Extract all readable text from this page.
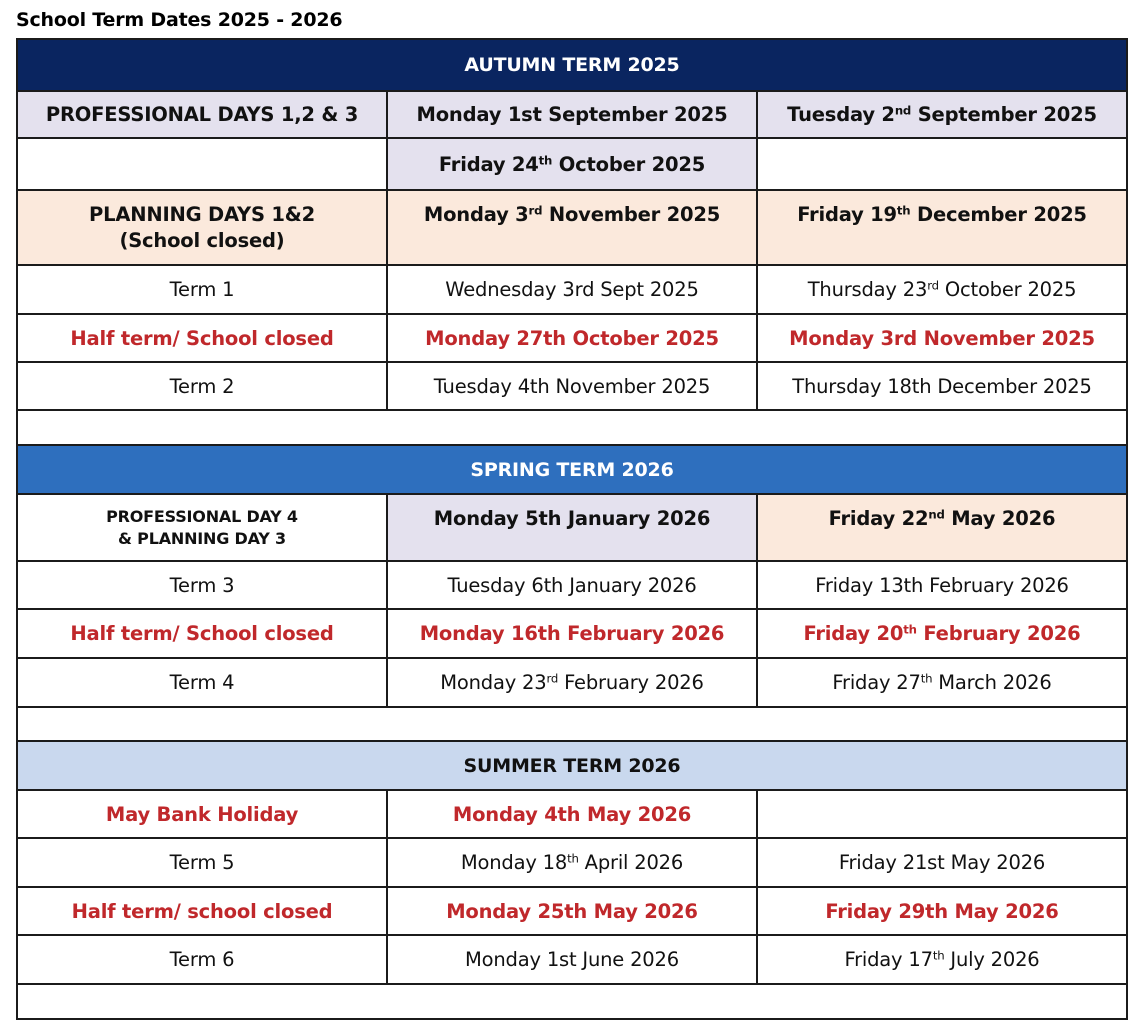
School Term Dates 2025 - 2026
AUTUMN TERM 2025		
PROFESSIONAL DAYS 1,2 & 3	Monday 1st September 2025	Tuesday 2nd September 2025
	Friday 24th October 2025	
PLANNING DAYS 1&2
(School closed)	Monday 3rd November 2025	Friday 19th December 2025
Term 1	Wednesday 3rd Sept 2025	Thursday 23rd October 2025
Half term/ School closed	Monday 27th October 2025	Monday 3rd November 2025
Term 2	Tuesday 4th November 2025	Thursday 18th December 2025

SPRING TERM 2026		
PROFESSIONAL DAY 4
& PLANNING DAY 3	Monday 5th January 2026	Friday 22nd May 2026
Term 3	Tuesday 6th January 2026	Friday 13th February 2026
Half term/ School closed	Monday 16th February 2026	Friday 20th February 2026
Term 4	Monday 23rd February 2026	Friday 27th March 2026

SUMMER TERM 2026		
May Bank Holiday	Monday 4th May 2026	
Term 5	Monday 18th April 2026	Friday 21st May 2026
Half term/ school closed	Monday 25th May 2026	Friday 29th May 2026
Term 6	Monday 1st June 2026	Friday 17th July 2026
